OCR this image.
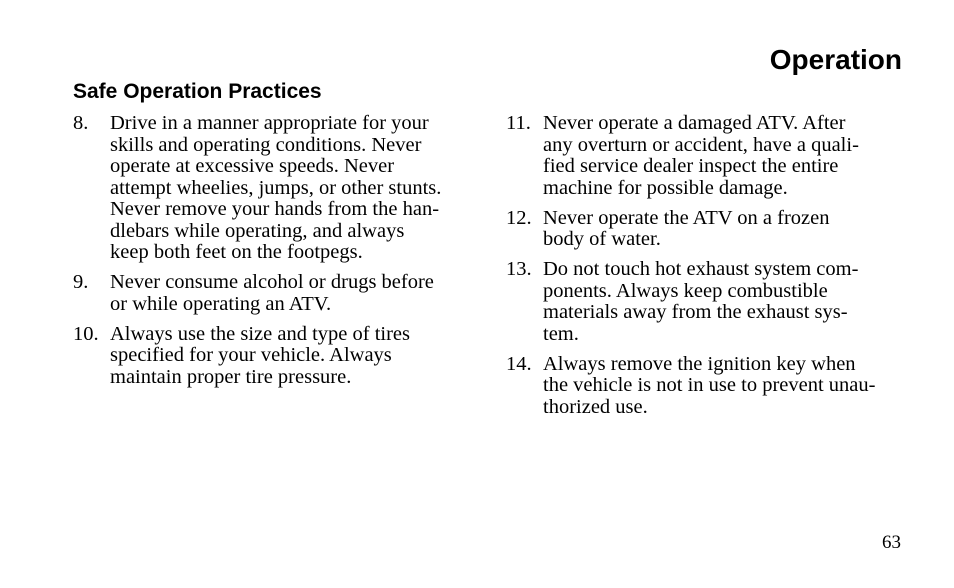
Operation
Safe Operation Practices
8. Drive in a manner appropriate for your
skills and operating conditions. Never
operate at excessive speeds. Never
attempt wheelies, jumps, or other stunts.
Never remove your hands from the han-
dlebars while operating, and always
keep both feet on the footpegs.
9. Never consume alcohol or drugs before
or while operating an ATV.
10. Always use the size and type of tires
specified for your vehicle. Always
maintain proper tire pressure.
11. Never operate a damaged ATV. After
any overturn or accident, have a quali-
fied service dealer inspect the entire
machine for possible damage.
12. Never operate the ATV on a frozen
body of water.
13. Do not touch hot exhaust system com-
ponents. Always keep combustible
materials away from the exhaust sys-
tem.
14. Always remove the ignition key when
the vehicle is not in use to prevent unau-
thorized use.
63
